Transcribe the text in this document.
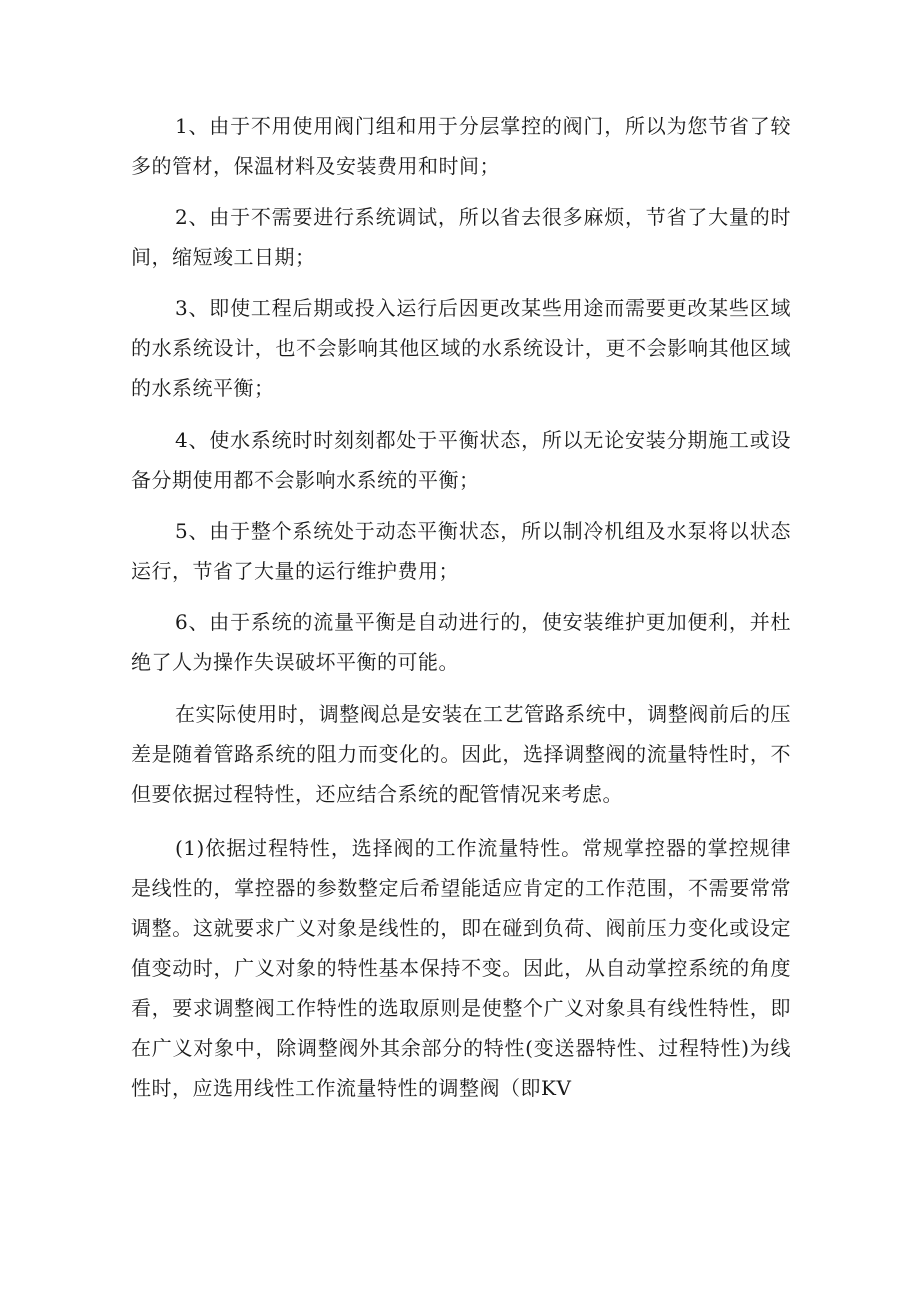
1、由于不用使用阀门组和用于分层掌控的阀门，所以为您节省了较多的管材，保温材料及安装费用和时间；

2、由于不需要进行系统调试，所以省去很多麻烦，节省了大量的时间，缩短竣工日期；

3、即使工程后期或投入运行后因更改某些用途而需要更改某些区域的水系统设计，也不会影响其他区域的水系统设计，更不会影响其他区域的水系统平衡；

4、使水系统时时刻刻都处于平衡状态，所以无论安装分期施工或设备分期使用都不会影响水系统的平衡；

5、由于整个系统处于动态平衡状态，所以制冷机组及水泵将以状态运行，节省了大量的运行维护费用；

6、由于系统的流量平衡是自动进行的，使安装维护更加便利，并杜绝了人为操作失误破坏平衡的可能。

在实际使用时，调整阀总是安装在工艺管路系统中，调整阀前后的压差是随着管路系统的阻力而变化的。因此，选择调整阀的流量特性时，不但要依据过程特性，还应结合系统的配管情况来考虑。

(1)依据过程特性，选择阀的工作流量特性。常规掌控器的掌控规律是线性的，掌控器的参数整定后希望能适应肯定的工作范围，不需要常常调整。这就要求广义对象是线性的，即在碰到负荷、阀前压力变化或设定值变动时，广义对象的特性基本保持不变。因此，从自动掌控系统的角度看，要求调整阀工作特性的选取原则是使整个广义对象具有线性特性，即在广义对象中，除调整阀外其余部分的特性(变送器特性、过程特性)为线性时，应选用线性工作流量特性的调整阀（即KV
